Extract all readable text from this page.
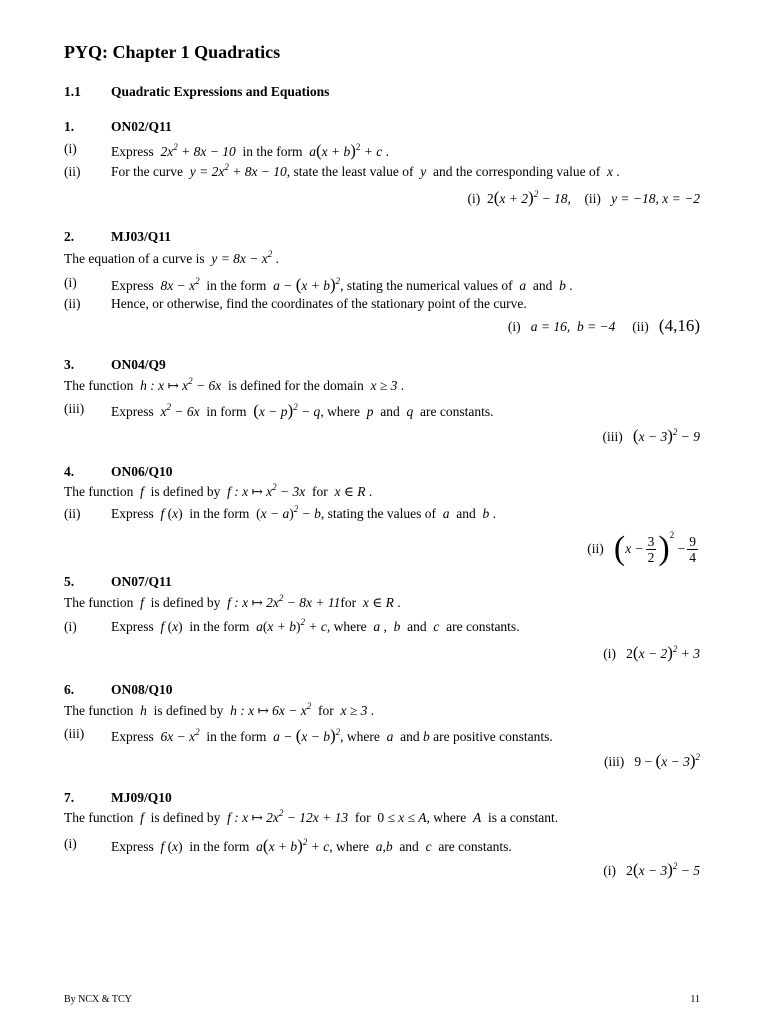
PYQ: Chapter 1 Quadratics
1.1 Quadratic Expressions and Equations
1.	ON02/Q11
(i)	Express $2x^2 + 8x - 10$ in the form $a(x + b)^2 + c$ .
(ii) For the curve $y = 2x^2 + 8x - 10$, state the least value of y and the corresponding value of x .
(i) $2(x + 2)^2 - 18$, (ii) y = −18, x = −2
2.	MJ03/Q11
The equation of a curve is $y = 8x - x^2$ .
(i)	Express $8x - x^2$ in the form $a - (x + b)^2$, stating the numerical values of a and b .
(ii) Hence, or otherwise, find the coordinates of the stationary point of the curve.
(i) a = 16,  b = −4 (ii) (4,16)
3.	ON04/Q9
The function h : x ↦ $x^2 - 6x$ is defined for the domain x ≥ 3 .
(iii) Express $x^2 - 6x$ in form $(x - p)^2 - q$, where p and q are constants.
(iii) $(x - 3)^2 - 9$
4.	ON06/Q10
The function f is defined by f : x ↦ $x^2 - 3x$ for x ∈ R .
(ii) Express f (x) in the form $(x - a)^2 - b$, stating the values of a and b .
(ii) $(x - \frac{3}{2} )^2 - \frac{9}{4}$
5.	ON07/Q11
The function f is defined by f : x ↦ $2x^2 - 8x + 11for$ x ∈ R .
(i)	Express f (x) in the form $a(x + b)^2 + c$, where a ,  b and c are constants.
(i) $2(x - 2)^2 + 3$
6.	ON08/Q10
The function h is defined by h : x ↦ $6x - x^2$ for x ≥ 3 .
(iii) Express $6x - x^2$ in the form $a - (x - b)^2$, where a and b are positive constants.
(iii) $9 - (x - 3)^2$
7.	MJ09/Q10
The function f is defined by f : x ↦ $2x^2 - 12x + 13$ for 0 ≤ x ≤ A, where A is a constant.
(i)	Express f (x) in the form $a(x + b)^2 + c$, where a,b and c are constants.
(i) $2(x - 3)^2 - 5$
By NCX & TCY	11
